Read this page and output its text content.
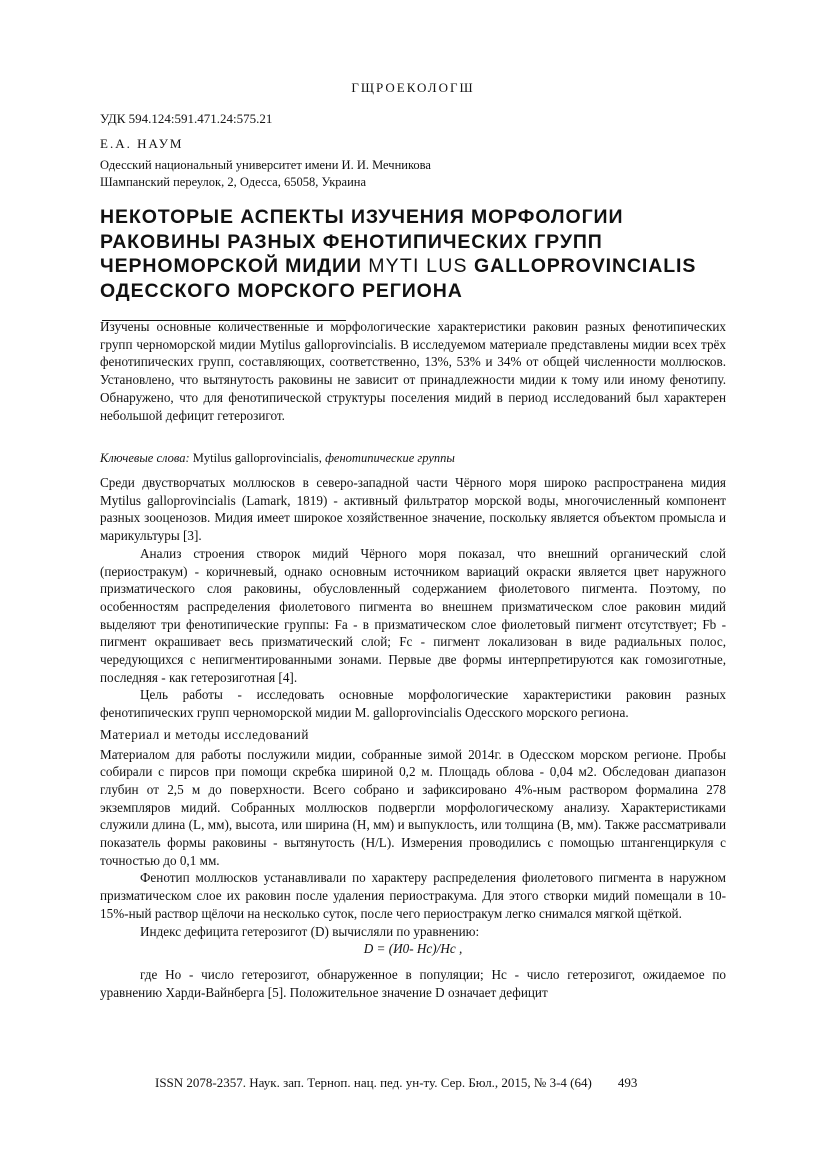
ГЩРОЕКОЛОГШ
УДК 594.124:591.471.24:575.21
Е.А. НАУМ
Одесский национальный университет имени И. И. Мечникова
Шампанский переулок, 2, Одесса, 65058, Украина
НЕКОТОРЫЕ АСПЕКТЫ ИЗУЧЕНИЯ МОРФОЛОГИИ РАКОВИНЫ РАЗНЫХ ФЕНОТИПИЧЕСКИХ ГРУПП ЧЕРНОМОРСКОЙ МИДИИ MYTI LUS GALLOPROVINCIALIS ОДЕССКОГО МОРСКОГО РЕГИОНА

Изучены основные количественные и морфологические характеристики раковин разных фенотипических групп черноморской мидии Mytilus galloprovincialis. В исследуемом материале представлены мидии всех трёх фенотипических групп, составляющих, соответственно, 13%, 53% и 34% от общей численности моллюсков. Установлено, что вытянутость раковины не зависит от принадлежности мидии к тому или иному фенотипу. Обнаружено, что для фенотипической структуры поселения мидий в период исследований был характерен небольшой дефицит гетерозигот.

Ключевые слова: Mytilus galloprovincialis, фенотипические группы

Среди двустворчатых моллюсков в северо-западной части Чёрного моря широко распространена мидия Mytilus galloprovincialis (Lamark, 1819) - активный фильтратор морской воды, многочисленный компонент разных зооценозов. Мидия имеет широкое хозяйственное значение, поскольку является объектом промысла и марикультуры [3].

Анализ строения створок мидий Чёрного моря показал, что внешний органический слой (периостракум) - коричневый, однако основным источником вариаций окраски является цвет наружного призматического слоя раковины, обусловленный содержанием фиолетового пигмента. Поэтому, по особенностям распределения фиолетового пигмента во внешнем призматическом слое раковин мидий выделяют три фенотипические группы: Fa - в призматическом слое фиолетовый пигмент отсутствует; Fb - пигмент окрашивает весь призматический слой; Fc - пигмент локализован в виде радиальных полос, чередующихся с непигментированными зонами. Первые две формы интерпретируются как гомозиготные, последняя - как гетерозиготная [4].

Цель работы - исследовать основные морфологические характеристики раковин разных фенотипических групп черноморской мидии M. galloprovincialis Одесского морского региона.

Материал и методы исследований

Материалом для работы послужили мидии, собранные зимой 2014г. в Одесском морском регионе. Пробы собирали с пирсов при помощи скребка шириной 0,2 м. Площадь облова - 0,04 м2. Обследован диапазон глубин от 2,5 м до поверхности. Всего собрано и зафиксировано 4%-ным раствором формалина 278 экземпляров мидий. Собранных моллюсков подвергли морфологическому анализу. Характеристиками служили длина (L, мм), высота, или ширина (H, мм) и выпуклость, или толщина (B, мм). Также рассматривали показатель формы раковины - вытянутость (H/L). Измерения проводились с помощью штангенциркуля с точностью до 0,1 мм.

Фенотип моллюсков устанавливали по характеру распределения фиолетового пигмента в наружном призматическом слое их раковин после удаления периостракума. Для этого створки мидий помещали в 10-15%-ный раствор щёлочи на несколько суток, после чего периостракум легко снимался мягкой щёткой.

Индекс дефицита гетерозигот (D) вычисляли по уравнению:

D = (И0- Hc)/Hc ,

где Но - число гетерозигот, обнаруженное в популяции; Нс - число гетерозигот, ожидаемое по уравнению Харди-Вайнберга [5]. Положительное значение D означает дефицит

ISSN 2078-2357. Наук. зап. Терноп. нац. пед. ун-ту. Сер. Бюл., 2015, № 3-4 (64) 493
